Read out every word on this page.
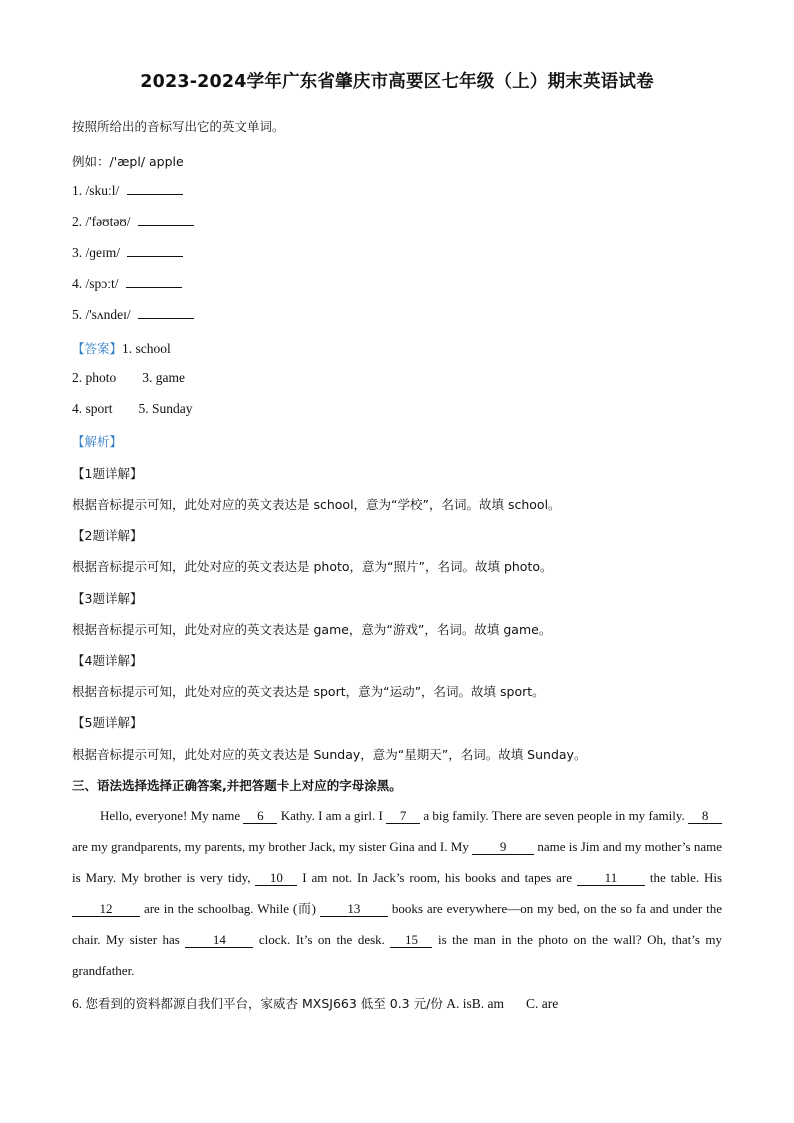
2023-2024学年广东省肇庆市高要区七年级（上）期末英语试卷
按照所给出的音标写出它的英文单词。
例如：/'æpl/ apple
1. /skuːl/
2. /'fəʊtəʊ/
3. /ɡeɪm/
4. /spɔːt/
5. /'sʌndeɪ/
【答案】1. school
2. photo 3. game
4. sport 5. Sunday
【解析】
【1题详解】
根据音标提示可知，此处对应的英文表达是 school，意为“学校”，名词。故填 school。
【2题详解】
根据音标提示可知，此处对应的英文表达是 photo，意为“照片”，名词。故填 photo。
【3题详解】
根据音标提示可知，此处对应的英文表达是 game，意为“游戏”，名词。故填 game。
【4题详解】
根据音标提示可知，此处对应的英文表达是 sport，意为“运动”，名词。故填 sport。
【5题详解】
根据音标提示可知，此处对应的英文表达是 Sunday，意为“星期天”，名词。故填 Sunday。
三、语法选择选择正确答案,并把答题卡上对应的字母涂黑。
Hello, everyone! My name 6 Kathy. I am a girl. I 7 a big family. There are seven people in my family. 8 are my grandparents, my parents, my brother Jack, my sister Gina and I. My 9 name is Jim and my mother’s name is Mary. My brother is very tidy, 10 I am not. In Jack’s room, his books and tapes are	11	the table. His 12 are in the schoolbag. While (而) 13 books are everywhere—on my bed, on the so fa and under the chair. My sister has	14	clock. It’s on the desk. 15 is the man in the photo on the wall? Oh, that’s my grandfather.
6. 您看到的资料都源自我们平台，家威杏 MXSJ663 低至 0.3 元/份 A. isB. am C. are
